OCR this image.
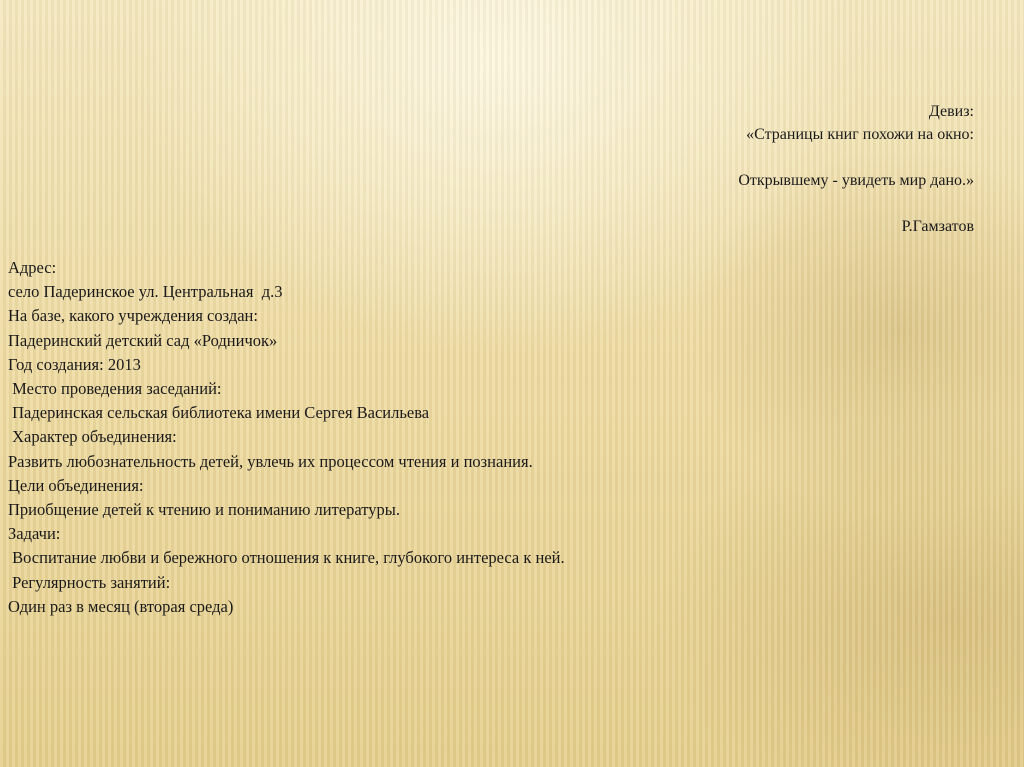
Девиз:
«Страницы книг похожи на окно:
Открывшему - увидеть мир дано.»
Р.Гамзатов
Адрес:
село Падеринское ул. Центральная  д.3
На базе, какого учреждения создан:
Падеринский детский сад «Родничок»
Год создания: 2013
Место проведения заседаний:
Падеринская сельская библиотека имени Сергея Васильева
Характер объединения:
Развить любознательность детей, увлечь их процессом чтения и познания.
Цели объединения:
Приобщение детей к чтению и пониманию литературы.
Задачи:
Воспитание любви и бережного отношения к книге, глубокого интереса к ней.
Регулярность занятий:
Один раз в месяц (вторая среда)
